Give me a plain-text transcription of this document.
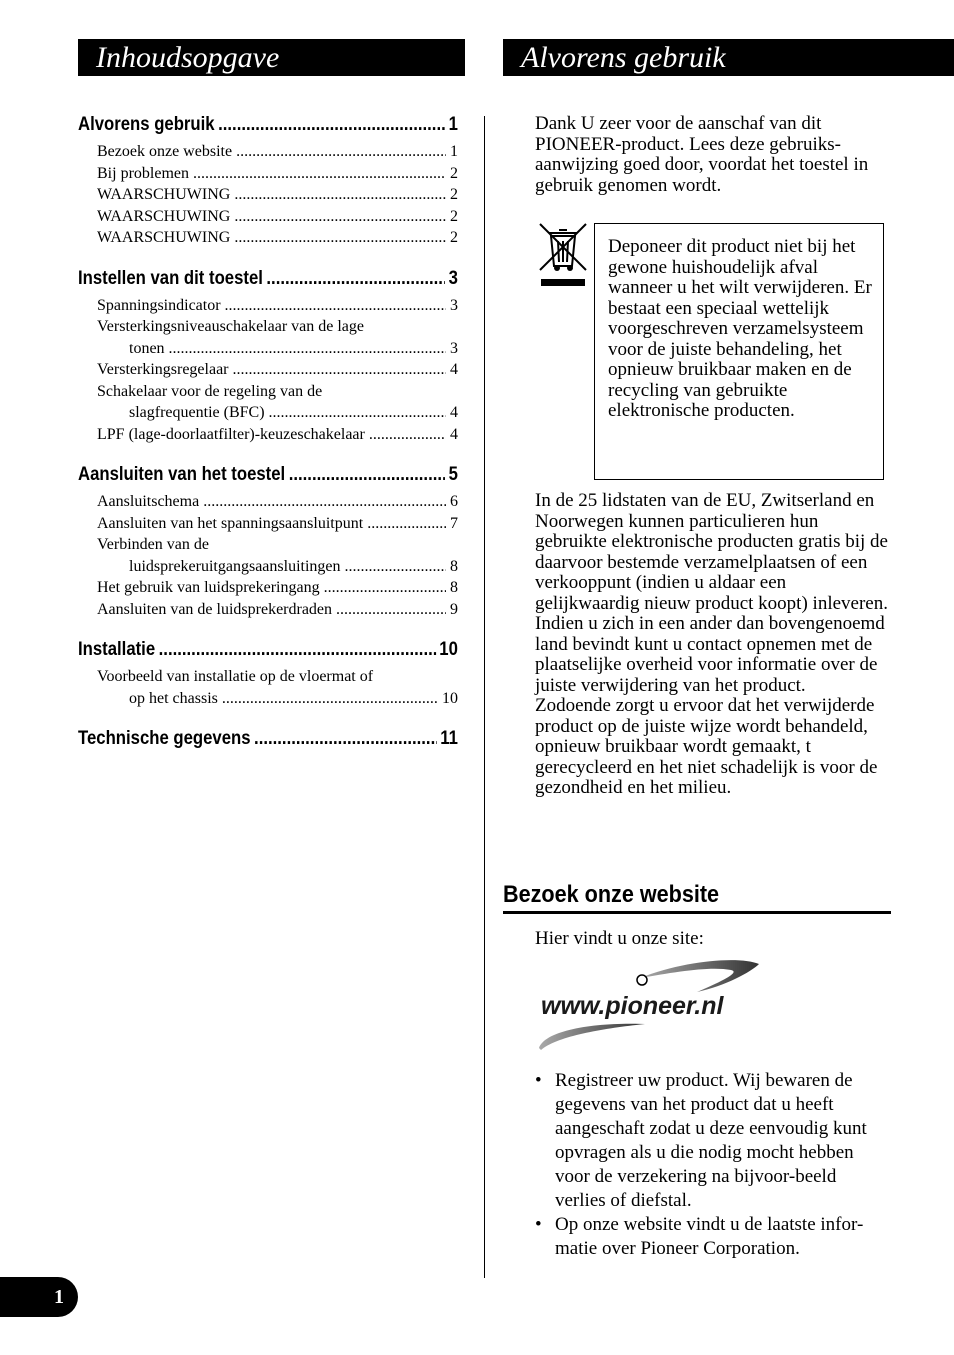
Inhoudsopgave	Alvorens gebruik
Alvorens gebruik .....	1
Bezoek onze website .....	1
Bij problemen .....	2
WAARSCHUWING .....	2
WAARSCHUWING .....	2
WAARSCHUWING .....	2
Instellen van dit toestel .....	3
Spanningsindicator .....	3
Versterkingsniveauschakelaar van de lage
tonen .....	3
Versterkingsregelaar .....	4
Schakelaar voor de regeling van de
slagfrequentie (BFC) .....	4
LPF (lage-doorlaatfilter)-keuzeschakelaar .....	4
Aansluiten van het toestel .....	5
Aansluitschema .....	6
Aansluiten van het spanningsaansluitpunt .....	7
Verbinden van de
luidsprekeruitgangsaansluitingen .....	8
Het gebruik van luidsprekeringang .....	8
Aansluiten van de luidsprekerdraden .....	9
Installatie .....	10
Voorbeeld van installatie op de vloermat of
op het chassis .....	10
Technische gegevens .....	11
Dank U zeer voor de aanschaf van dit PIONEER-product. Lees deze gebruiks-aanwijzing goed door, voordat het toestel in gebruik genomen wordt.
Deponeer dit product niet bij het gewone huishoudelijk afval wanneer u het wilt verwijderen. Er bestaat een speciaal wettelijk voorgeschreven verzamelsysteem voor de juiste behandeling, het opnieuw bruikbaar maken en de recycling van gebruikte elektronische producten.
In de 25 lidstaten van de EU, Zwitserland en Noorwegen kunnen particulieren hun gebruikte elektronische producten gratis bij de daarvoor bestemde verzamelplaatsen of een verkooppunt (indien u aldaar een gelijkwaardig nieuw product koopt) inleveren.
Indien u zich in een ander dan bovengenoemd land bevindt kunt u contact opnemen met de plaatselijke overheid voor informatie over de juiste verwijdering van het product.
Zodoende zorgt u ervoor dat het verwijderde product op de juiste wijze wordt behandeld, opnieuw bruikbaar wordt gemaakt, t gerecycleerd en het niet schadelijk is voor de gezondheid en het milieu.
Bezoek onze website
Hier vindt u onze site:
www.pioneer.nl
• Registreer uw product. Wij bewaren de gegevens van het product dat u heeft aangeschaft zodat u deze eenvoudig kunt opvragen als u die nodig mocht hebben voor de verzekering na bijvoor-beeld verlies of diefstal.
• Op onze website vindt u de laatste infor-matie over Pioneer Corporation.
1
